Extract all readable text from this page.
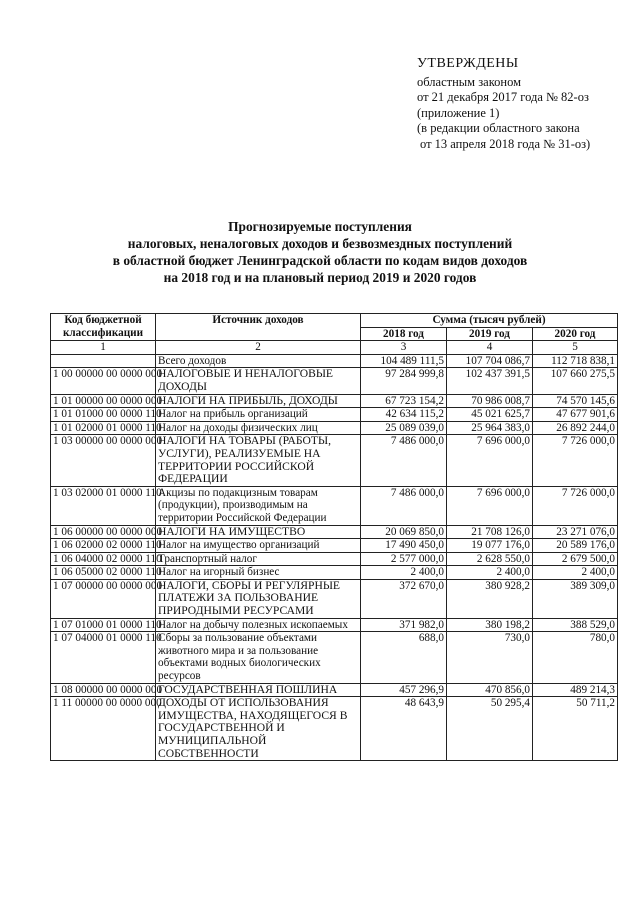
УТВЕРЖДЕНЫ
областным законом
от 21 декабря 2017 года № 82-оз
(приложение 1)
(в редакции областного закона
от 13 апреля 2018 года № 31-оз)
Прогнозируемые поступления
налоговых, неналоговых доходов и безвозмездных поступлений
в областной бюджет Ленинградской области по кодам видов доходов
на 2018 год и на плановый период 2019 и 2020 годов
Код бюджетной классификации	Источник доходов	Сумма (тысяч рублей)		
		2018 год	2019 год	2020 год
1	2	3	4	5
	Всего доходов	104 489 111,5	107 704 086,7	112 718 838,1
1 00 00000 00 0000 000	НАЛОГОВЫЕ И НЕНАЛОГОВЫЕ ДОХОДЫ	97 284 999,8	102 437 391,5	107 660 275,5
1 01 00000 00 0000 000	НАЛОГИ НА ПРИБЫЛЬ, ДОХОДЫ	67 723 154,2	70 986 008,7	74 570 145,6
1 01 01000 00 0000 110	Налог на прибыль организаций	42 634 115,2	45 021 625,7	47 677 901,6
1 01 02000 01 0000 110	Налог на доходы физических лиц	25 089 039,0	25 964 383,0	26 892 244,0
1 03 00000 00 0000 000	НАЛОГИ НА ТОВАРЫ (РАБОТЫ, УСЛУГИ), РЕАЛИЗУЕМЫЕ НА ТЕРРИТОРИИ РОССИЙСКОЙ ФЕДЕРАЦИИ	7 486 000,0	7 696 000,0	7 726 000,0
1 03 02000 01 0000 110	Акцизы по подакцизным товарам (продукции), производимым на территории Российской Федерации	7 486 000,0	7 696 000,0	7 726 000,0
1 06 00000 00 0000 000	НАЛОГИ НА ИМУЩЕСТВО	20 069 850,0	21 708 126,0	23 271 076,0
1 06 02000 02 0000 110	Налог на имущество организаций	17 490 450,0	19 077 176,0	20 589 176,0
1 06 04000 02 0000 110	Транспортный налог	2 577 000,0	2 628 550,0	2 679 500,0
1 06 05000 02 0000 110	Налог на игорный бизнес	2 400,0	2 400,0	2 400,0
1 07 00000 00 0000 000	НАЛОГИ, СБОРЫ И РЕГУЛЯРНЫЕ ПЛАТЕЖИ ЗА ПОЛЬЗОВАНИЕ ПРИРОДНЫМИ РЕСУРСАМИ	372 670,0	380 928,2	389 309,0
1 07 01000 01 0000 110	Налог на добычу полезных ископаемых	371 982,0	380 198,2	388 529,0
1 07 04000 01 0000 110	Сборы за пользование объектами животного мира и за пользование объектами водных биологических ресурсов	688,0	730,0	780,0
1 08 00000 00 0000 000	ГОСУДАРСТВЕННАЯ ПОШЛИНА	457 296,9	470 856,0	489 214,3
1 11 00000 00 0000 000	ДОХОДЫ ОТ ИСПОЛЬЗОВАНИЯ ИМУЩЕСТВА, НАХОДЯЩЕГОСЯ В ГОСУДАРСТВЕННОЙ И МУНИЦИПАЛЬНОЙ СОБСТВЕННОСТИ	48 643,9	50 295,4	50 711,2
